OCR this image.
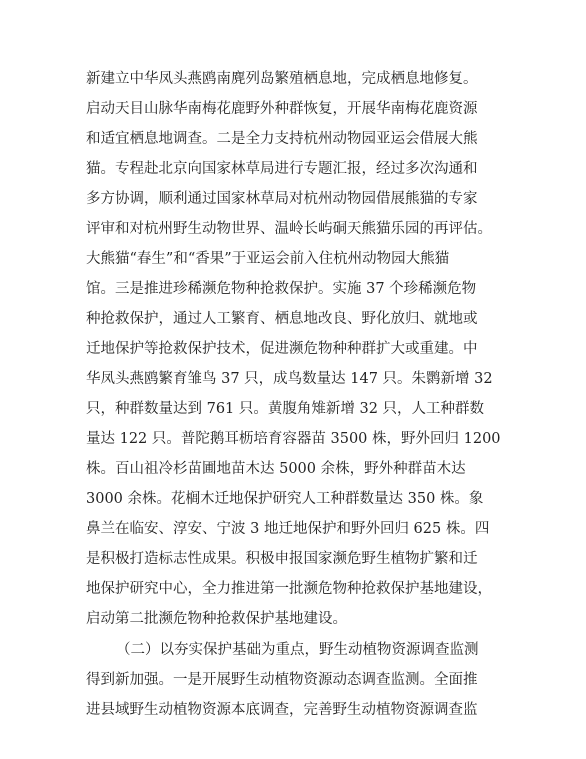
新建立中华凤头燕鸥南麂列岛繁殖栖息地，完成栖息地修复。
启动天目山脉华南梅花鹿野外种群恢复，开展华南梅花鹿资源
和适宜栖息地调查。二是全力支持杭州动物园亚运会借展大熊
猫。专程赴北京向国家林草局进行专题汇报，经过多次沟通和
多方协调，顺利通过国家林草局对杭州动物园借展熊猫的专家
评审和对杭州野生动物世界、温岭长屿硐天熊猫乐园的再评估。
大熊猫“春生”和“香果”于亚运会前入住杭州动物园大熊猫
馆。三是推进珍稀濒危物种抢救保护。实施 37 个珍稀濒危物
种抢救保护，通过人工繁育、栖息地改良、野化放归、就地或
迁地保护等抢救保护技术，促进濒危物种种群扩大或重建。中
华凤头燕鸥繁育雏鸟 37 只，成鸟数量达 147 只。朱鹮新增 32
只，种群数量达到 761 只。黄腹角雉新增 32 只，人工种群数
量达 122 只。普陀鹅耳枥培育容器苗 3500 株，野外回归 1200
株。百山祖冷杉苗圃地苗木达 5000 余株，野外种群苗木达
3000 余株。花榈木迁地保护研究人工种群数量达 350 株。象
鼻兰在临安、淳安、宁波 3 地迁地保护和野外回归 625 株。四
是积极打造标志性成果。积极申报国家濒危野生植物扩繁和迁
地保护研究中心，全力推进第一批濒危物种抢救保护基地建设，
启动第二批濒危物种抢救保护基地建设。
（二）以夯实保护基础为重点，野生动植物资源调查监测
得到新加强。一是开展野生动植物资源动态调查监测。全面推
进县域野生动植物资源本底调查，完善野生动植物资源调查监
